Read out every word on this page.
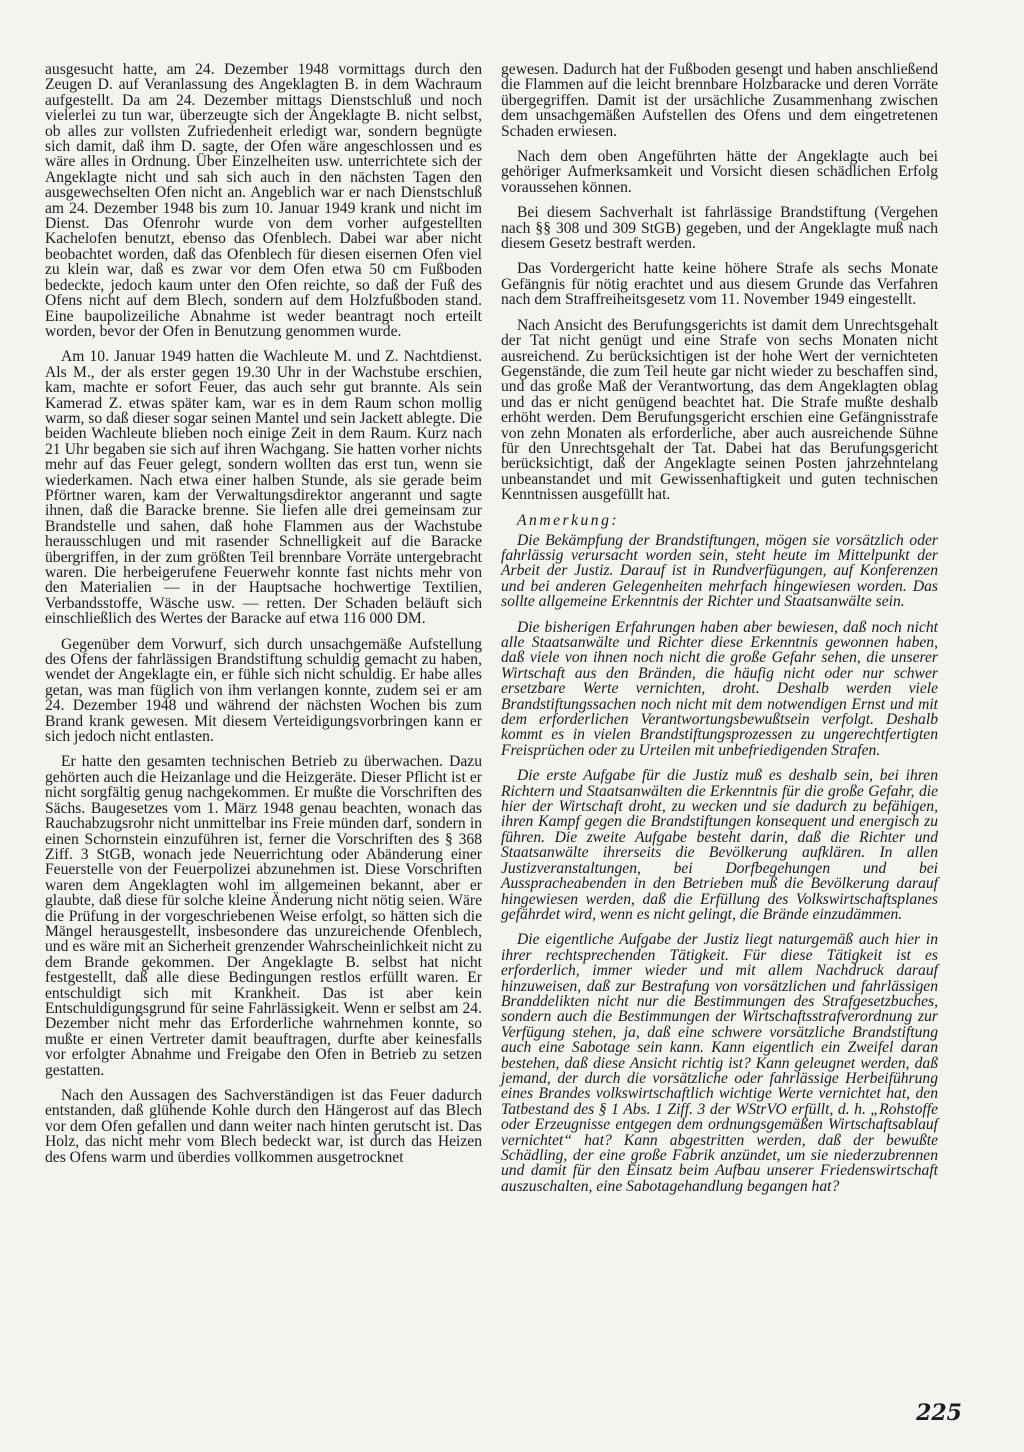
ausgesucht hatte, am 24. Dezember 1948 vormittags durch den Zeugen D. auf Veranlassung des Angeklagten B. in dem Wachraum aufgestellt. Da am 24. Dezember mittags Dienstschluß und noch vielerlei zu tun war, überzeugte sich der Angeklagte B. nicht selbst, ob alles zur vollsten Zufriedenheit erledigt war, sondern begnügte sich damit, daß ihm D. sagte, der Ofen wäre angeschlossen und es wäre alles in Ordnung. Über Einzelheiten usw. unterrichtete sich der Angeklagte nicht und sah sich auch in den nächsten Tagen den ausgewechselten Ofen nicht an. Angeblich war er nach Dienstschluß am 24. Dezember 1948 bis zum 10. Januar 1949 krank und nicht im Dienst. Das Ofenrohr wurde von dem vorher aufgestellten Kachelofen benutzt, ebenso das Ofenblech. Dabei war aber nicht beobachtet worden, daß das Ofenblech für diesen eisernen Ofen viel zu klein war, daß es zwar vor dem Ofen etwa 50 cm Fußboden bedeckte, jedoch kaum unter den Ofen reichte, so daß der Fuß des Ofens nicht auf dem Blech, sondern auf dem Holzfußboden stand. Eine baupolizeiliche Abnahme ist weder beantragt noch erteilt worden, bevor der Ofen in Benutzung genommen wurde.

Am 10. Januar 1949 hatten die Wachleute M. und Z. Nachtdienst. Als M., der als erster gegen 19.30 Uhr in der Wachstube erschien, kam, machte er sofort Feuer, das auch sehr gut brannte. Als sein Kamerad Z. etwas später kam, war es in dem Raum schon mollig warm, so daß dieser sogar seinen Mantel und sein Jackett ablegte. Die beiden Wachleute blieben noch einige Zeit in dem Raum. Kurz nach 21 Uhr begaben sie sich auf ihren Wachgang. Sie hatten vorher nichts mehr auf das Feuer gelegt, sondern wollten das erst tun, wenn sie wiederkamen. Nach etwa einer halben Stunde, als sie gerade beim Pförtner waren, kam der Verwaltungsdirektor angerannt und sagte ihnen, daß die Baracke brenne. Sie liefen alle drei gemeinsam zur Brandstelle und sahen, daß hohe Flammen aus der Wachstube herausschlugen und mit rasender Schnelligkeit auf die Baracke übergriffen, in der zum größten Teil brennbare Vorräte untergebracht waren. Die herbeigerufene Feuerwehr konnte fast nichts mehr von den Materialien — in der Hauptsache hochwertige Textilien, Verbandsstoffe, Wäsche usw. — retten. Der Schaden beläuft sich einschließlich des Wertes der Baracke auf etwa 116 000 DM.

Gegenüber dem Vorwurf, sich durch unsachgemäße Aufstellung des Ofens der fahrlässigen Brandstiftung schuldig gemacht zu haben, wendet der Angeklagte ein, er fühle sich nicht schuldig. Er habe alles getan, was man füglich von ihm verlangen konnte, zudem sei er am 24. Dezember 1948 und während der nächsten Wochen bis zum Brand krank gewesen. Mit diesem Verteidigungsvorbringen kann er sich jedoch nicht entlasten.

Er hatte den gesamten technischen Betrieb zu überwachen. Dazu gehörten auch die Heizanlage und die Heizgeräte. Dieser Pflicht ist er nicht sorgfältig genug nachgekommen. Er mußte die Vorschriften des Sächs. Baugesetzes vom 1. März 1948 genau beachten, wonach das Rauchabzugsrohr nicht unmittelbar ins Freie münden darf, sondern in einen Schornstein einzuführen ist, ferner die Vorschriften des § 368 Ziff. 3 StGB, wonach jede Neuerrichtung oder Abänderung einer Feuerstelle von der Feuerpolizei abzunehmen ist. Diese Vorschriften waren dem Angeklagten wohl im allgemeinen bekannt, aber er glaubte, daß diese für solche kleine Änderung nicht nötig seien. Wäre die Prüfung in der vorgeschriebenen Weise erfolgt, so hätten sich die Mängel herausgestellt, insbesondere das unzureichende Ofenblech, und es wäre mit an Sicherheit grenzender Wahrscheinlichkeit nicht zu dem Brande gekommen. Der Angeklagte B. selbst hat nicht festgestellt, daß alle diese Bedingungen restlos erfüllt waren. Er entschuldigt sich mit Krankheit. Das ist aber kein Entschuldigungsgrund für seine Fahrlässigkeit. Wenn er selbst am 24. Dezember nicht mehr das Erforderliche wahrnehmen konnte, so mußte er einen Vertreter damit beauftragen, durfte aber keinesfalls vor erfolgter Abnahme und Freigabe den Ofen in Betrieb zu setzen gestatten.

Nach den Aussagen des Sachverständigen ist das Feuer dadurch entstanden, daß glühende Kohle durch den Hängerost auf das Blech vor dem Ofen gefallen und dann weiter nach hinten gerutscht ist. Das Holz, das nicht mehr vom Blech bedeckt war, ist durch das Heizen des Ofens warm und überdies vollkommen ausgetrocknet

gewesen. Dadurch hat der Fußboden gesengt und haben anschließend die Flammen auf die leicht brennbare Holzbaracke und deren Vorräte übergegriffen. Damit ist der ursächliche Zusammenhang zwischen dem unsachgemäßen Aufstellen des Ofens und dem eingetretenen Schaden erwiesen.

Nach dem oben Angeführten hätte der Angeklagte auch bei gehöriger Aufmerksamkeit und Vorsicht diesen schädlichen Erfolg voraussehen können.

Bei diesem Sachverhalt ist fahrlässige Brandstiftung (Vergehen nach §§ 308 und 309 StGB) gegeben, und der Angeklagte muß nach diesem Gesetz bestraft werden.

Das Vordergericht hatte keine höhere Strafe als sechs Monate Gefängnis für nötig erachtet und aus diesem Grunde das Verfahren nach dem Straffreiheitsgesetz vom 11. November 1949 eingestellt.

Nach Ansicht des Berufungsgerichts ist damit dem Unrechtsgehalt der Tat nicht genügt und eine Strafe von sechs Monaten nicht ausreichend. Zu berücksichtigen ist der hohe Wert der vernichteten Gegenstände, die zum Teil heute gar nicht wieder zu beschaffen sind, und das große Maß der Verantwortung, das dem Angeklagten oblag und das er nicht genügend beachtet hat. Die Strafe mußte deshalb erhöht werden. Dem Berufungsgericht erschien eine Gefängnisstrafe von zehn Monaten als erforderliche, aber auch ausreichende Sühne für den Unrechtsgehalt der Tat. Dabei hat das Berufungsgericht berücksichtigt, daß der Angeklagte seinen Posten jahrzehntelang unbeanstandet und mit Gewissenhaftigkeit und guten technischen Kenntnissen ausgefüllt hat.

Anmerkung:

Die Bekämpfung der Brandstiftungen, mögen sie vorsätzlich oder fahrlässig verursacht worden sein, steht heute im Mittelpunkt der Arbeit der Justiz. Darauf ist in Rundverfügungen, auf Konferenzen und bei anderen Gelegenheiten mehrfach hingewiesen worden. Das sollte allgemeine Erkenntnis der Richter und Staatsanwälte sein.

Die bisherigen Erfahrungen haben aber bewiesen, daß noch nicht alle Staatsanwälte und Richter diese Erkenntnis gewonnen haben, daß viele von ihnen noch nicht die große Gefahr sehen, die unserer Wirtschaft aus den Bränden, die häufig nicht oder nur schwer ersetzbare Werte vernichten, droht. Deshalb werden viele Brandstiftungssachen noch nicht mit dem notwendigen Ernst und mit dem erforderlichen Verantwortungsbewußtsein verfolgt. Deshalb kommt es in vielen Brandstiftungsprozessen zu ungerechtfertigten Freisprüchen oder zu Urteilen mit unbefriedigenden Strafen.

Die erste Aufgabe für die Justiz muß es deshalb sein, bei ihren Richtern und Staatsanwälten die Erkenntnis für die große Gefahr, die hier der Wirtschaft droht, zu wecken und sie dadurch zu befähigen, ihren Kampf gegen die Brandstiftungen konsequent und energisch zu führen. Die zweite Aufgabe besteht darin, daß die Richter und Staatsanwälte ihrerseits die Bevölkerung aufklären. In allen Justizveranstaltungen, bei Dorfbegehungen und bei Ausspracheabenden in den Betrieben muß die Bevölkerung darauf hingewiesen werden, daß die Erfüllung des Volkswirtschaftsplanes gefährdet wird, wenn es nicht gelingt, die Brände einzudämmen.

Die eigentliche Aufgabe der Justiz liegt naturgemäß auch hier in ihrer rechtsprechenden Tätigkeit. Für diese Tätigkeit ist es erforderlich, immer wieder und mit allem Nachdruck darauf hinzuweisen, daß zur Bestrafung von vorsätzlichen und fahrlässigen Branddelikten nicht nur die Bestimmungen des Strafgesetzbuches, sondern auch die Bestimmungen der Wirtschaftsstrafverordnung zur Verfügung stehen, ja, daß eine schwere vorsätzliche Brandstiftung auch eine Sabotage sein kann. Kann eigentlich ein Zweifel daran bestehen, daß diese Ansicht richtig ist? Kann geleugnet werden, daß jemand, der durch die vorsätzliche oder fahrlässige Herbeiführung eines Brandes volkswirtschaftlich wichtige Werte vernichtet hat, den Tatbestand des § 1 Abs. 1 Ziff. 3 der WStrVO erfüllt, d. h. „Rohstoffe oder Erzeugnisse entgegen dem ordnungsgemäßen Wirtschaftsablauf vernichtet“ hat? Kann abgestritten werden, daß der bewußte Schädling, der eine große Fabrik anzündet, um sie niederzubrennen und damit für den Einsatz beim Aufbau unserer Friedenswirtschaft auszuschalten, eine Sabotagehandlung begangen hat?

225
